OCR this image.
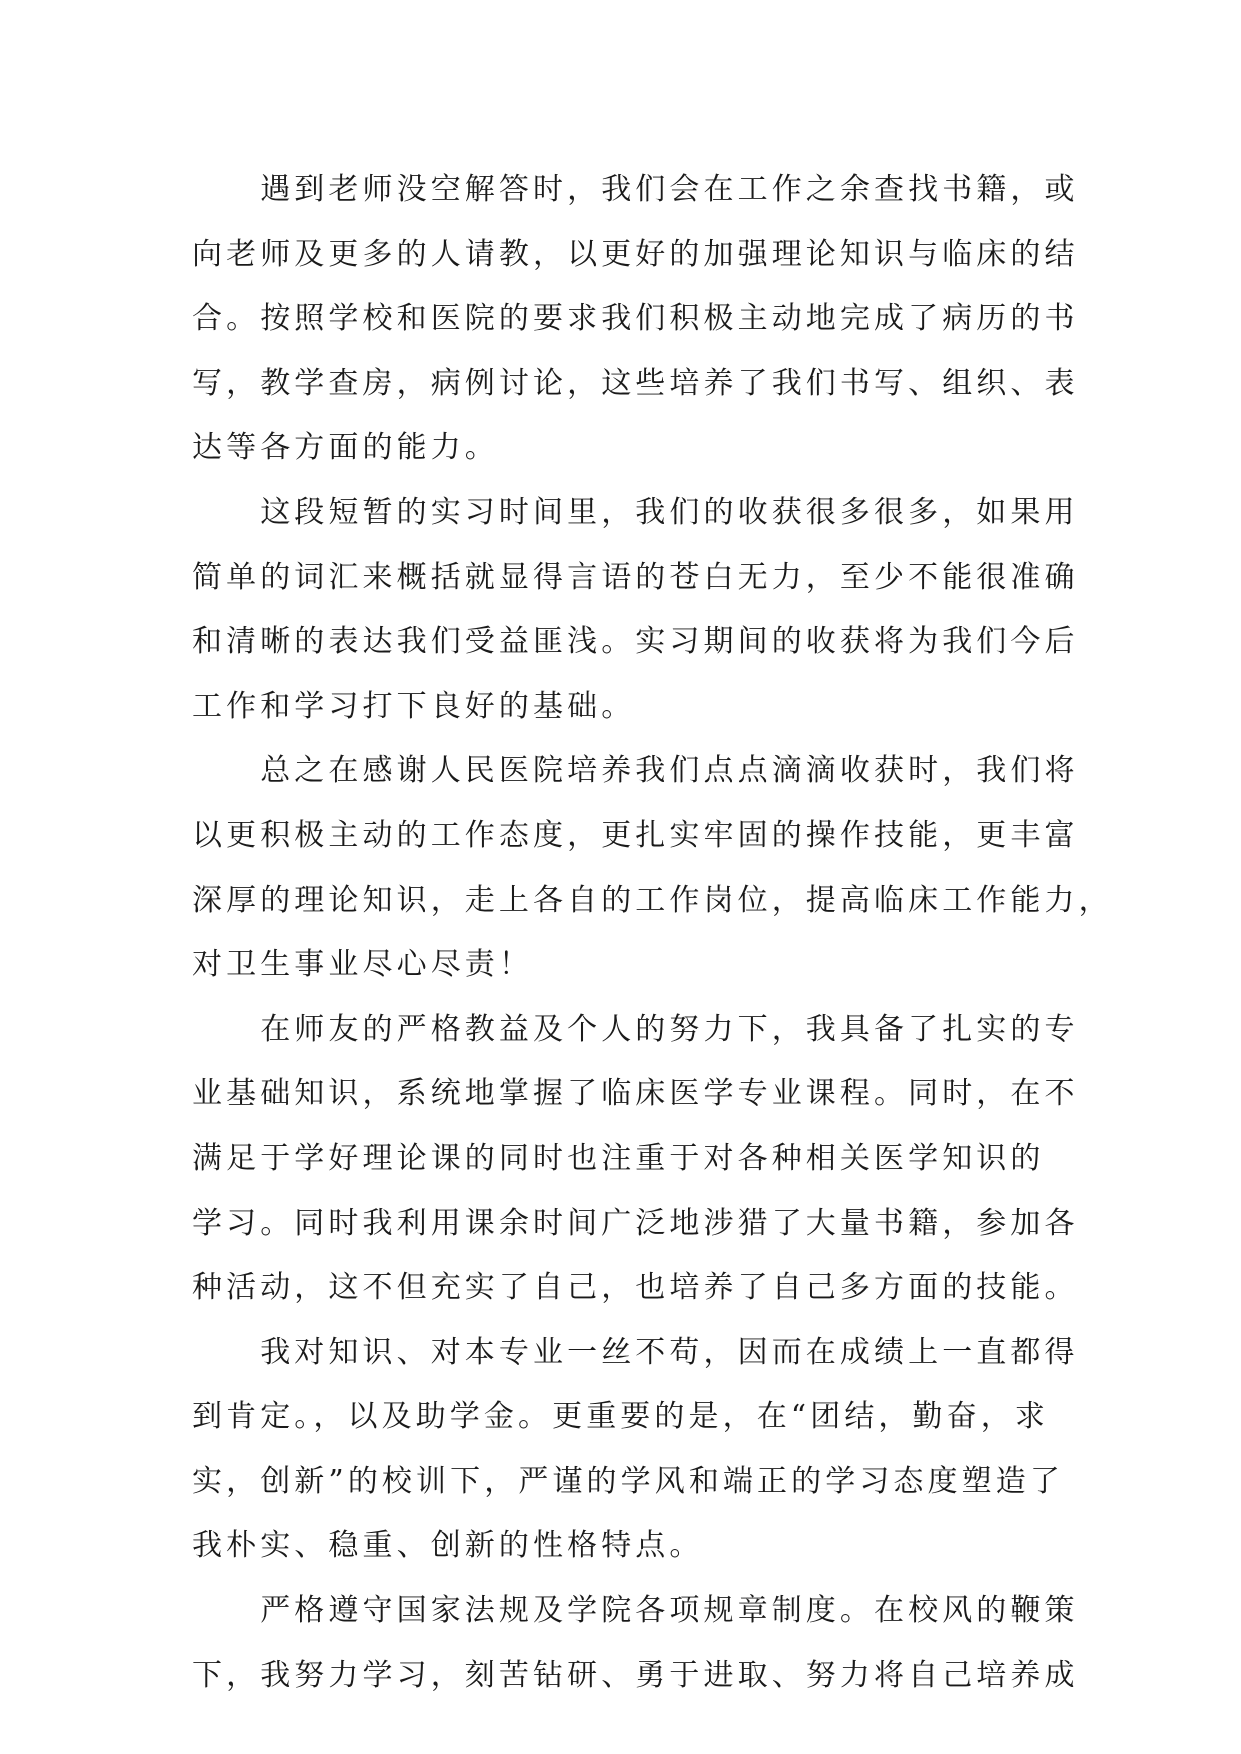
　　遇到老师没空解答时，我们会在工作之余查找书籍，或
向老师及更多的人请教，以更好的加强理论知识与临床的结
合。按照学校和医院的要求我们积极主动地完成了病历的书
写，教学查房，病例讨论，这些培养了我们书写、组织、表
达等各方面的能力。
　　这段短暂的实习时间里，我们的收获很多很多，如果用
简单的词汇来概括就显得言语的苍白无力，至少不能很准确
和清晰的表达我们受益匪浅。实习期间的收获将为我们今后
工作和学习打下良好的基础。
　　总之在感谢人民医院培养我们点点滴滴收获时，我们将
以更积极主动的工作态度，更扎实牢固的操作技能，更丰富
深厚的理论知识，走上各自的工作岗位，提高临床工作能力，
对卫生事业尽心尽责！
　　在师友的严格教益及个人的努力下，我具备了扎实的专
业基础知识，系统地掌握了临床医学专业课程。同时，在不
满足于学好理论课的同时也注重于对各种相关医学知识的
学习。同时我利用课余时间广泛地涉猎了大量书籍，参加各
种活动，这不但充实了自己，也培养了自己多方面的技能。
　　我对知识、对本专业一丝不苟，因而在成绩上一直都得
到肯定。，以及助学金。更重要的是，在“团结，勤奋，求
实，创新”的校训下，严谨的学风和端正的学习态度塑造了
我朴实、稳重、创新的性格特点。
　　严格遵守国家法规及学院各项规章制度。在校风的鞭策
下，我努力学习，刻苦钻研、勇于进取、努力将自己培养成
